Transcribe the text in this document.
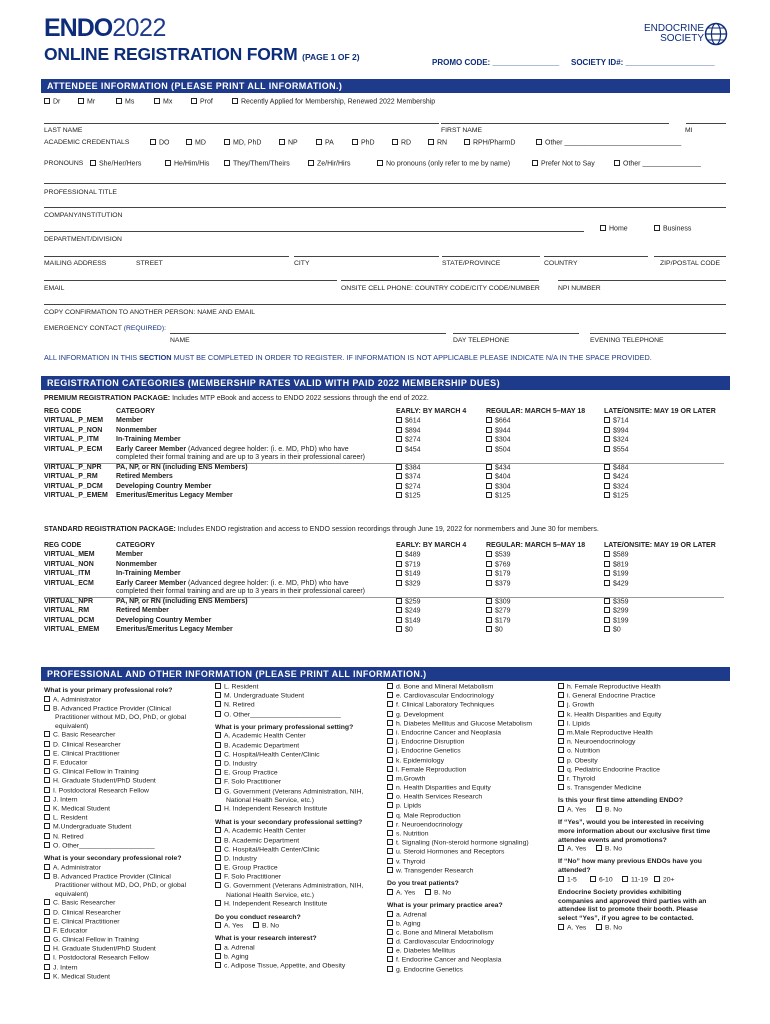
ENDO2022
ONLINE REGISTRATION FORM (PAGE 1 OF 2)
PROMO CODE: _______________ SOCIETY ID#: ____________________
ENDOCRINE
SOCIETY
ATTENDEE INFORMATION (PLEASE PRINT ALL INFORMATION.)
Dr	Mr	Ms	Mx	Prof	Recently Applied for Membership, Renewed 2022 Membership
LAST NAME	FIRST NAME	MI
ACADEMIC CREDENTIALS	DO	MD	MD, PhD	NP	PA	PhD	RD	RN	RPH/PharmD	Other ______________________________
PRONOUNS	She/Her/Hers	He/Him/His	They/Them/Theirs	Ze/Hir/Hirs	No pronouns (only refer to me by name)	Prefer Not to Say	Other _______________
PROFESSIONAL TITLE
COMPANY/INSTITUTION
Home	Business
DEPARTMENT/DIVISION
MAILING ADDRESS	STREET	CITY	STATE/PROVINCE	COUNTRY	ZIP/POSTAL CODE
EMAIL	ONSITE CELL PHONE: COUNTRY CODE/CITY CODE/NUMBER	NPI NUMBER
COPY CONFIRMATION TO ANOTHER PERSON: NAME AND EMAIL
EMERGENCY CONTACT (REQUIRED):
NAME	DAY TELEPHONE	EVENING TELEPHONE
ALL INFORMATION IN THIS SECTION MUST BE COMPLETED IN ORDER TO REGISTER. IF INFORMATION IS NOT APPLICABLE PLEASE INDICATE N/A IN THE SPACE PROVIDED.
REGISTRATION CATEGORIES (MEMBERSHIP RATES VALID WITH PAID 2022 MEMBERSHIP DUES)
PREMIUM REGISTRATION PACKAGE: Includes MTP eBook and access to ENDO 2022 sessions through the end of 2022.
REG CODE	CATEGORY	EARLY: BY MARCH 4	REGULAR: MARCH 5–MAY 18	LATE/ONSITE: MAY 19 OR LATER
VIRTUAL_P_MEM	Member	$614	$664	$714
VIRTUAL_P_NON	Nonmember	$894	$944	$994
VIRTUAL_P_ITM	In-Training Member	$274	$304	$324
VIRTUAL_P_ECM	Early Career Member (Advanced degree holder: (i. e. MD, PhD) who have
completed their formal training and are up to 3 years in their professional career)	$454	$504	$554
VIRTUAL_P_NPR	PA, NP, or RN (including ENS Members)	$384	$434	$484
VIRTUAL_P_RM	Retired Members	$374	$404	$424
VIRTUAL_P_DCM	Developing Country Member	$274	$304	$324
VIRTUAL_P_EMEM	Emeritus/Emeritus Legacy Member	$125	$125	$125
STANDARD REGISTRATION PACKAGE: Includes ENDO registration and access to ENDO session recordings through June 19, 2022 for nonmembers and June 30 for members.
REG CODE	CATEGORY	EARLY: BY MARCH 4	REGULAR: MARCH 5–MAY 18	LATE/ONSITE: MAY 19 OR LATER
VIRTUAL_MEM	Member	$489	$539	$589
VIRTUAL_NON	Nonmember	$719	$769	$819
VIRTUAL_ITM	In-Training Member	$149	$179	$199
VIRTUAL_ECM	Early Career Member (Advanced degree holder: (i. e. MD, PhD) who have
completed their formal training and are up to 3 years in their professional career)	$329	$379	$429
VIRTUAL_NPR	PA, NP, or RN (including ENS Members)	$259	$309	$359
VIRTUAL_RM	Retired Member	$249	$279	$299
VIRTUAL_DCM	Developing Country Member	$149	$179	$199
VIRTUAL_EMEM	Emeritus/Emeritus Legacy Member	$0	$0	$0
PROFESSIONAL AND OTHER INFORMATION (PLEASE PRINT ALL INFORMATION.)
What is your primary professional role?
A. Administrator
B. Advanced Practice Provider (Clinical
Practitioner without MD, DO, PhD, or global
equivalent)
C. Basic Researcher
D. Clinical Researcher
E. Clinical Practitioner
F. Educator
G. Clinical Fellow in Training
H. Graduate Student/PhD Student
I. Postdoctoral Research Fellow
J. Intern
K. Medical Student
L. Resident
M.Undergraduate Student
N. Retired
O. Other____________________
What is your secondary professional role?
A. Administrator
B. Advanced Practice Provider (Clinical
Practitioner without MD, DO, PhD, or global
equivalent)
C. Basic Researcher
D. Clinical Researcher
E. Clinical Practitioner
F. Educator
G. Clinical Fellow in Training
H. Graduate Student/PhD Student
I. Postdoctoral Research Fellow
J. Intern
K. Medical Student
L. Resident
M. Undergraduate Student
N. Retired
O. Other________________________
What is your primary professional setting?
A. Academic Health Center
B. Academic Department
C. Hospital/Health Center/Clinic
D. Industry
E. Group Practice
F. Solo Practitioner
G. Government (Veterans Administration, NIH,
National Health Service, etc.)
H. Independent Research Institute
What is your secondary professional setting?
A. Academic Health Center
B. Academic Department
C. Hospital/Health Center/Clinic
D. Industry
E. Group Practice
F. Solo Practitioner
G. Government (Veterans Administration, NIH,
National Health Service, etc.)
H. Independent Research Institute
Do you conduct research?
A. Yes	B. No
What is your research interest?
a. Adrenal
b. Aging
c. Adipose Tissue, Appetite, and Obesity
d. Bone and Mineral Metabolism
e. Cardiovascular Endocrinology
f. Clinical Laboratory Techniques
g. Development
h. Diabetes Mellitus and Glucose Metabolism
i. Endocrine Cancer and Neoplasia
j. Endocrine Disruption
j. Endocrine Genetics
k. Epidemiology
l. Female Reproduction
m.Growth
n. Health Disparities and Equity
o. Health Services Research
p. Lipids
q. Male Reproduction
r. Neuroendocrinology
s. Nutrition
t. Signaling (Non-steroid hormone signaling)
u. Steroid Hormones and Receptors
v. Thyroid
w. Transgender Research
Do you treat patients?
A. Yes	B. No
What is your primary practice area?
a. Adrenal
b. Aging
c. Bone and Mineral Metabolism
d. Cardiovascular Endocrinology
e. Diabetes Mellitus
f. Endocrine Cancer and Neoplasia
g. Endocrine Genetics
h. Female Reproductive Health
i. General Endocrine Practice
j. Growth
k. Health Disparities and Equity
l. Lipids
m.Male Reproductive Health
n. Neuroendocrinology
o. Nutrition
p. Obesity
q. Pediatric Endocrine Practice
r. Thyroid
s. Transgender Medicine
Is this your first time attending ENDO?
A. Yes	B. No
If “Yes”, would you be interested in receiving
more information about our exclusive first time
attendee events and promotions?
A. Yes	B. No
If “No” how many previous ENDOs have you
attended?
1-5	6-10	11-19 20+
Endocrine Society provides exhibiting
companies and approved third parties with an
attendee list to promote their booth. Please
select “Yes”, if you agree to be contacted.
A. Yes	B. No
